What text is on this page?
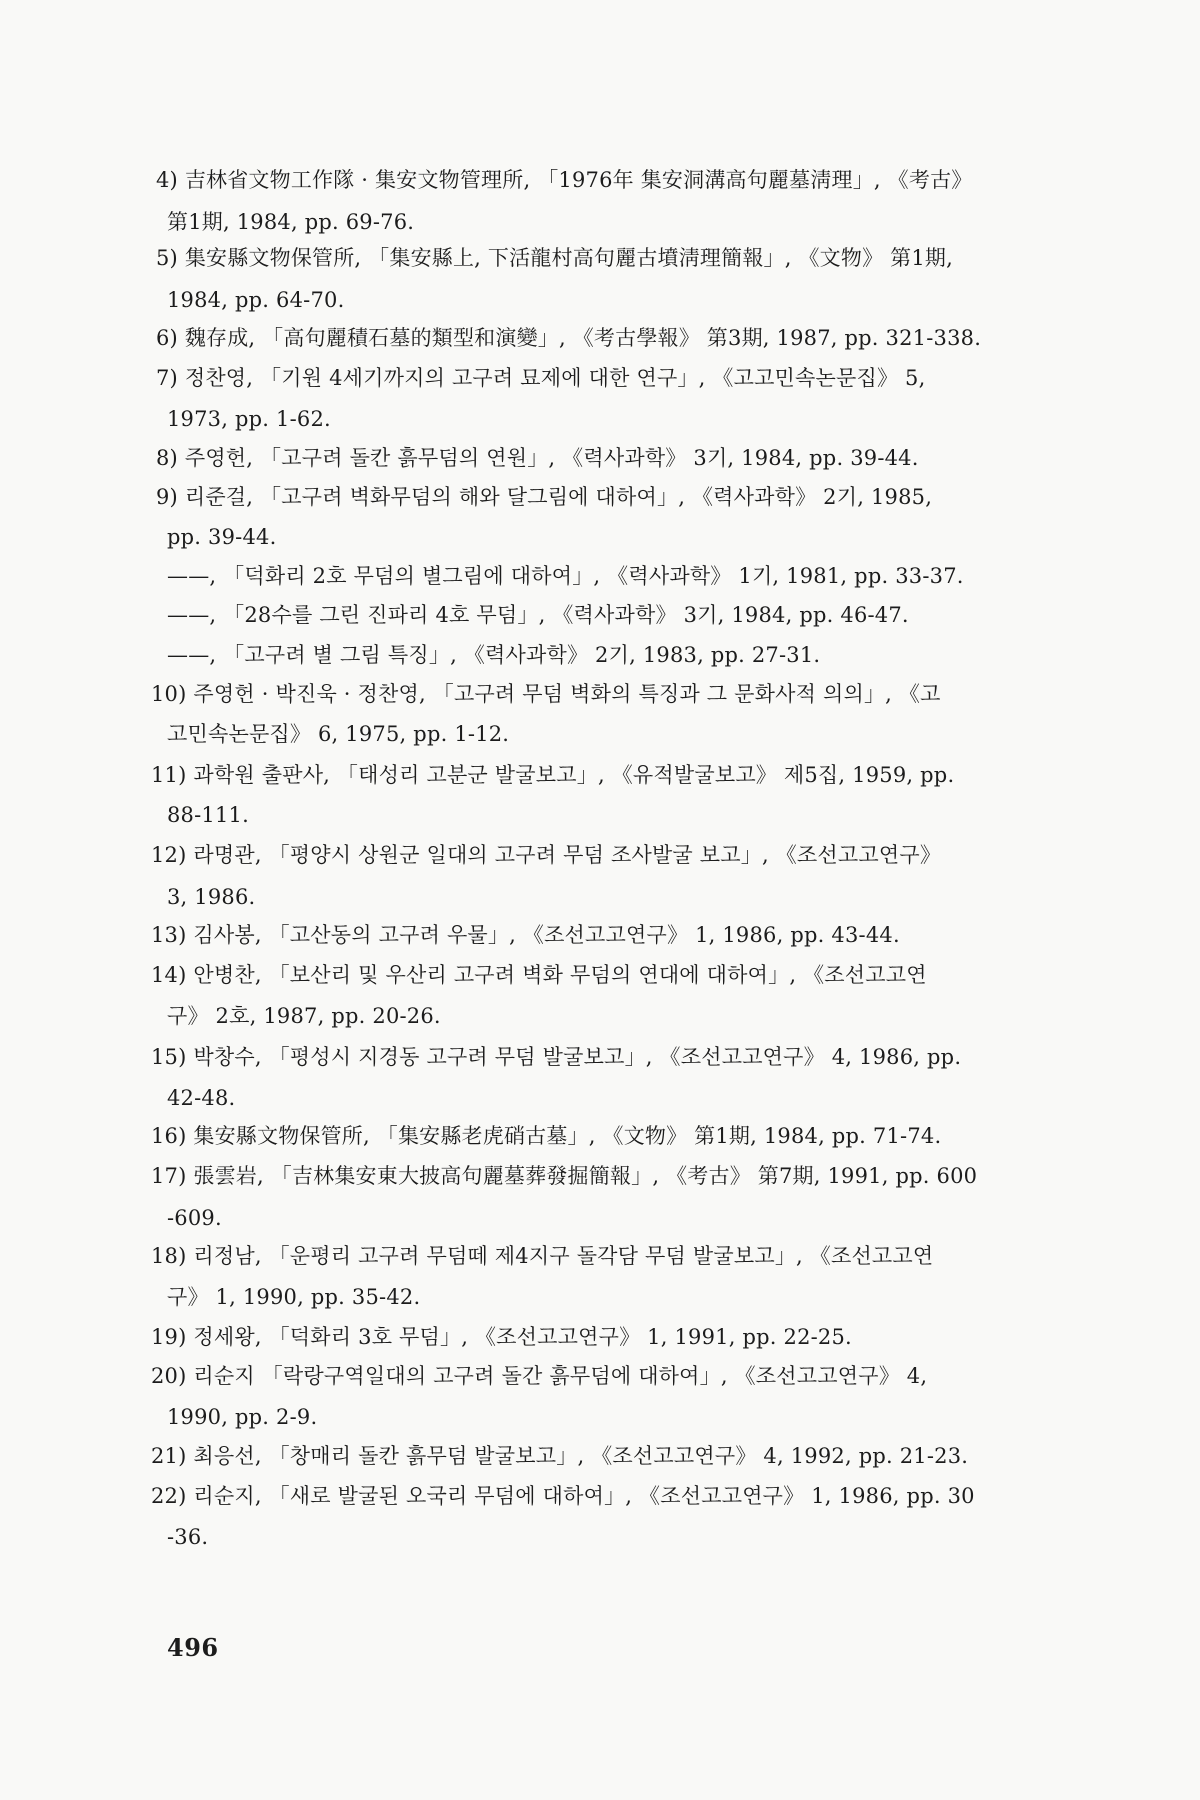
4) 吉林省文物工作隊 · 集安文物管理所, 「1976年 集安洞溝高句麗墓淸理」, 《考古》
第1期, 1984, pp. 69-76.
5) 集安縣文物保管所, 「集安縣上, 下活龍村高句麗古墳淸理簡報」, 《文物》 第1期,
1984, pp. 64-70.
6) 魏存成, 「高句麗積石墓的類型和演變」, 《考古學報》 第3期, 1987, pp. 321-338.
7) 정찬영, 「기원 4세기까지의 고구려 묘제에 대한 연구」, 《고고민속논문집》 5,
1973, pp. 1-62.
8) 주영헌, 「고구려 돌칸 흙무덤의 연원」, 《력사과학》 3기, 1984, pp. 39-44.
9) 리준걸, 「고구려 벽화무덤의 해와 달그림에 대하여」, 《력사과학》 2기, 1985,
pp. 39-44.
——, 「덕화리 2호 무덤의 별그림에 대하여」, 《력사과학》 1기, 1981, pp. 33-37.
——, 「28수를 그린 진파리 4호 무덤」, 《력사과학》 3기, 1984, pp. 46-47.
——, 「고구려 별 그림 특징」, 《력사과학》 2기, 1983, pp. 27-31.
10) 주영헌 · 박진욱 · 정찬영, 「고구려 무덤 벽화의 특징과 그 문화사적 의의」, 《고
고민속논문집》 6, 1975, pp. 1-12.
11) 과학원 출판사, 「태성리 고분군 발굴보고」, 《유적발굴보고》 제5집, 1959, pp.
88-111.
12) 라명관, 「평양시 상원군 일대의 고구려 무덤 조사발굴 보고」, 《조선고고연구》
3, 1986.
13) 김사봉, 「고산동의 고구려 우물」, 《조선고고연구》 1, 1986, pp. 43-44.
14) 안병찬, 「보산리 및 우산리 고구려 벽화 무덤의 연대에 대하여」, 《조선고고연
구》 2호, 1987, pp. 20-26.
15) 박창수, 「평성시 지경동 고구려 무덤 발굴보고」, 《조선고고연구》 4, 1986, pp.
42-48.
16) 集安縣文物保管所, 「集安縣老虎硝古墓」, 《文物》 第1期, 1984, pp. 71-74.
17) 張雲岩, 「吉林集安東大披高句麗墓葬發掘簡報」, 《考古》 第7期, 1991, pp. 600
-609.
18) 리정남, 「운평리 고구려 무덤떼 제4지구 돌각담 무덤 발굴보고」, 《조선고고연
구》 1, 1990, pp. 35-42.
19) 정세왕, 「덕화리 3호 무덤」, 《조선고고연구》 1, 1991, pp. 22-25.
20) 리순지 「락랑구역일대의 고구려 돌간 흙무덤에 대하여」, 《조선고고연구》 4,
1990, pp. 2-9.
21) 최응선, 「창매리 돌칸 흙무덤 발굴보고」, 《조선고고연구》 4, 1992, pp. 21-23.
22) 리순지, 「새로 발굴된 오국리 무덤에 대하여」, 《조선고고연구》 1, 1986, pp. 30
-36.
496
